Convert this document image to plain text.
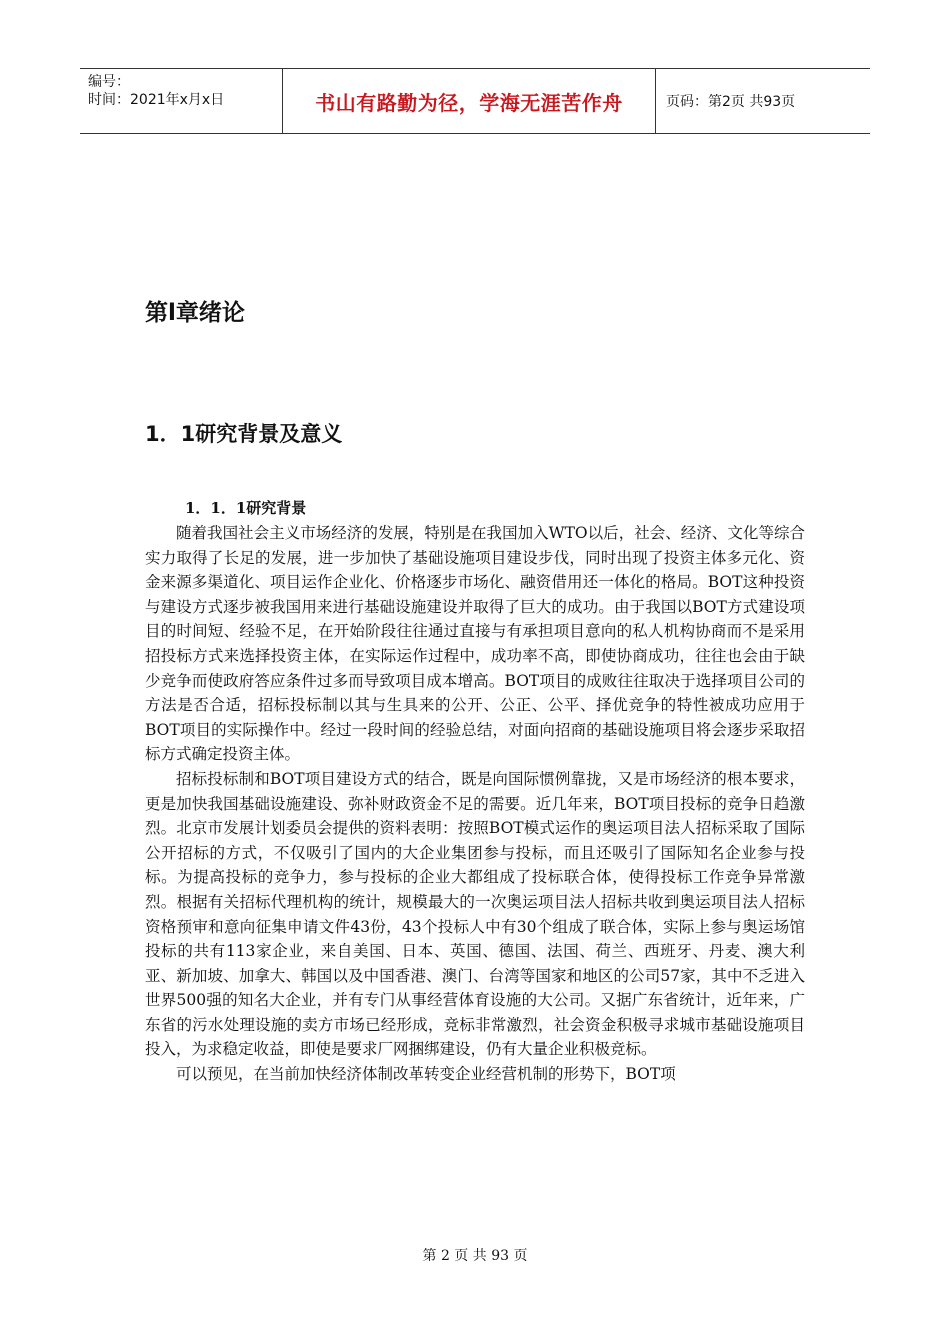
编号：
时间：2021年x月x日	书山有路勤为径，学海无涯苦作舟	页码：第2页 共93页
第l章绪论
1．1研究背景及意义
1．1．1研究背景

随着我国社会主义市场经济的发展，特别是在我国加入WTO以后，社会、经济、文化等综合实力取得了长足的发展，进一步加快了基础设施项目建设步伐，同时出现了投资主体多元化、资金来源多渠道化、项目运作企业化、价格逐步市场化、融资借用还一体化的格局。BOT这种投资与建设方式逐步被我国用来进行基础设施建设并取得了巨大的成功。由于我国以BOT方式建设项目的时间短、经验不足，在开始阶段往往通过直接与有承担项目意向的私人机构协商而不是采用招投标方式来选择投资主体，在实际运作过程中，成功率不高，即使协商成功，往往也会由于缺少竞争而使政府答应条件过多而导致项目成本增高。BOT项目的成败往往取决于选择项目公司的方法是否合适，招标投标制以其与生具来的公开、公正、公平、择优竞争的特性被成功应用于BOT项目的实际操作中。经过一段时间的经验总结，对面向招商的基础设施项目将会逐步采取招标方式确定投资主体。

招标投标制和BOT项目建设方式的结合，既是向国际惯例靠拢，又是市场经济的根本要求，更是加快我国基础设施建设、弥补财政资金不足的需要。近几年来，BOT项目投标的竞争日趋激烈。北京市发展计划委员会提供的资料表明：按照BOT模式运作的奥运项目法人招标采取了国际公开招标的方式，不仅吸引了国内的大企业集团参与投标，而且还吸引了国际知名企业参与投标。为提高投标的竞争力，参与投标的企业大都组成了投标联合体，使得投标工作竞争异常激烈。根据有关招标代理机构的统计，规模最大的一次奥运项目法人招标共收到奥运项目法人招标资格预审和意向征集申请文件43份，43个投标人中有30个组成了联合体，实际上参与奥运场馆投标的共有113家企业，来自美国、日本、英国、德国、法国、荷兰、西班牙、丹麦、澳大利亚、新加坡、加拿大、韩国以及中国香港、澳门、台湾等国家和地区的公司57家，其中不乏进入世界500强的知名大企业，并有专门从事经营体育设施的大公司。又据广东省统计，近年来，广东省的污水处理设施的卖方市场已经形成，竞标非常激烈，社会资金积极寻求城市基础设施项目投入，为求稳定收益，即使是要求厂网捆绑建设，仍有大量企业积极竞标。

可以预见，在当前加快经济体制改革转变企业经营机制的形势下，BOT项

第 2 页 共 93 页
